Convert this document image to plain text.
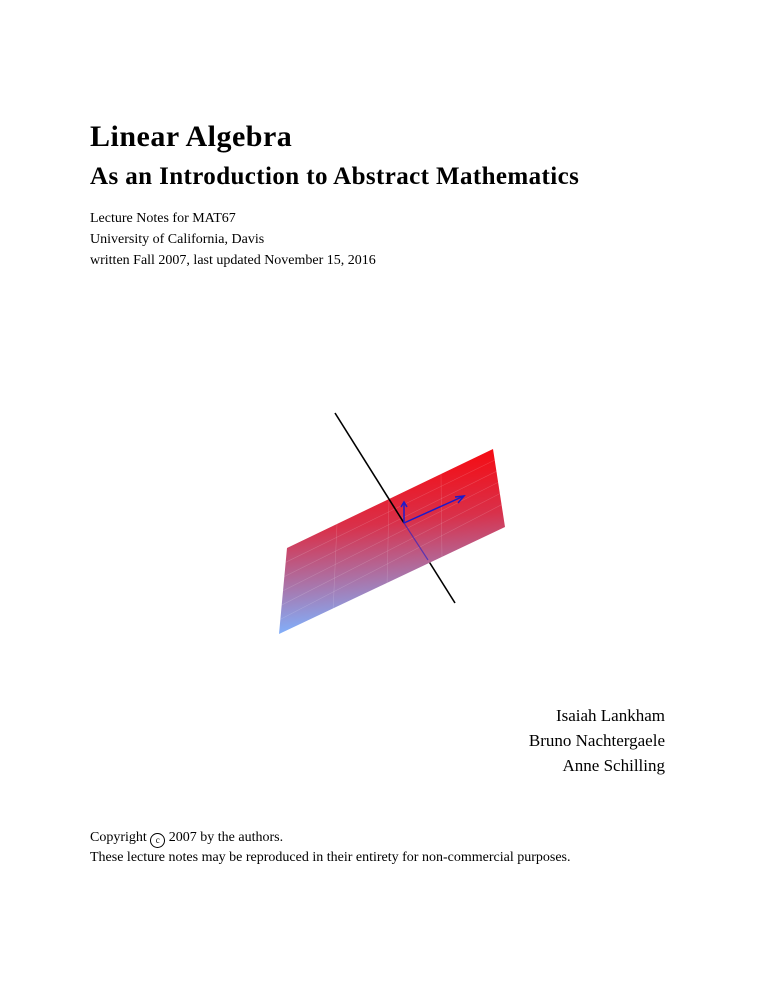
Linear Algebra
As an Introduction to Abstract Mathematics
Lecture Notes for MAT67
University of California, Davis
written Fall 2007, last updated November 15, 2016
Isaiah Lankham
Bruno Nachtergaele
Anne Schilling
Copyright c 2007 by the authors.
These lecture notes may be reproduced in their entirety for non-commercial purposes.
